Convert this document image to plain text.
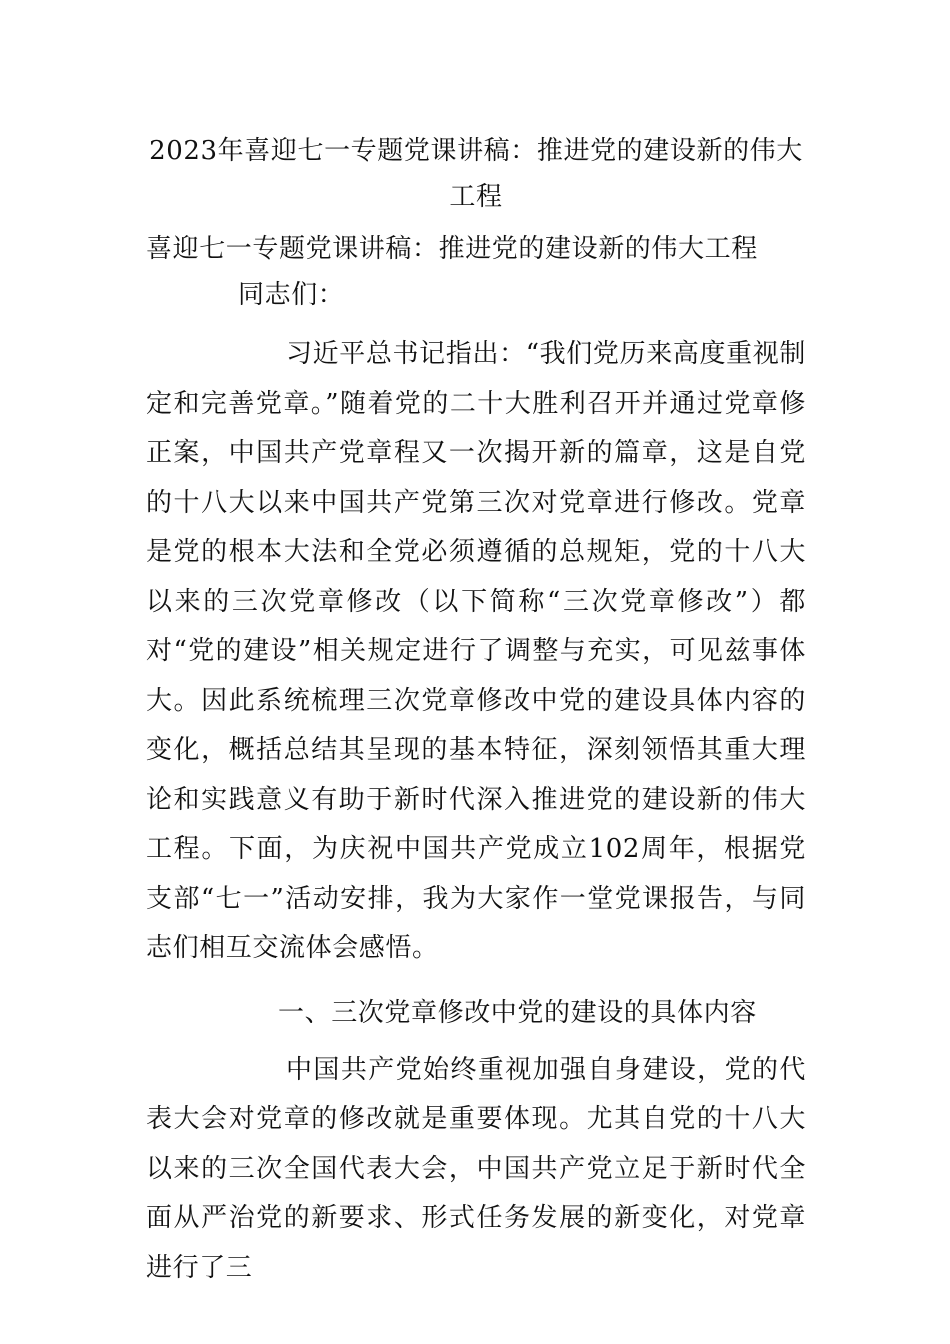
2023年喜迎七一专题党课讲稿：推进党的建设新的伟大工程

喜迎七一专题党课讲稿：推进党的建设新的伟大工程

同志们：

习近平总书记指出：“我们党历来高度重视制定和完善党章。”随着党的二十大胜利召开并通过党章修正案，中国共产党章程又一次揭开新的篇章，这是自党的十八大以来中国共产党第三次对党章进行修改。党章是党的根本大法和全党必须遵循的总规矩，党的十八大以来的三次党章修改（以下简称“三次党章修改”）都对“党的建设”相关规定进行了调整与充实，可见兹事体大。因此系统梳理三次党章修改中党的建设具体内容的变化，概括总结其呈现的基本特征，深刻领悟其重大理论和实践意义有助于新时代深入推进党的建设新的伟大工程。下面，为庆祝中国共产党成立102周年，根据党支部“七一”活动安排，我为大家作一堂党课报告，与同志们相互交流体会感悟。

一、三次党章修改中党的建设的具体内容

中国共产党始终重视加强自身建设，党的代表大会对党章的修改就是重要体现。尤其自党的十八大以来的三次全国代表大会，中国共产党立足于新时代全面从严治党的新要求、形式任务发展的新变化，对党章进行了三
